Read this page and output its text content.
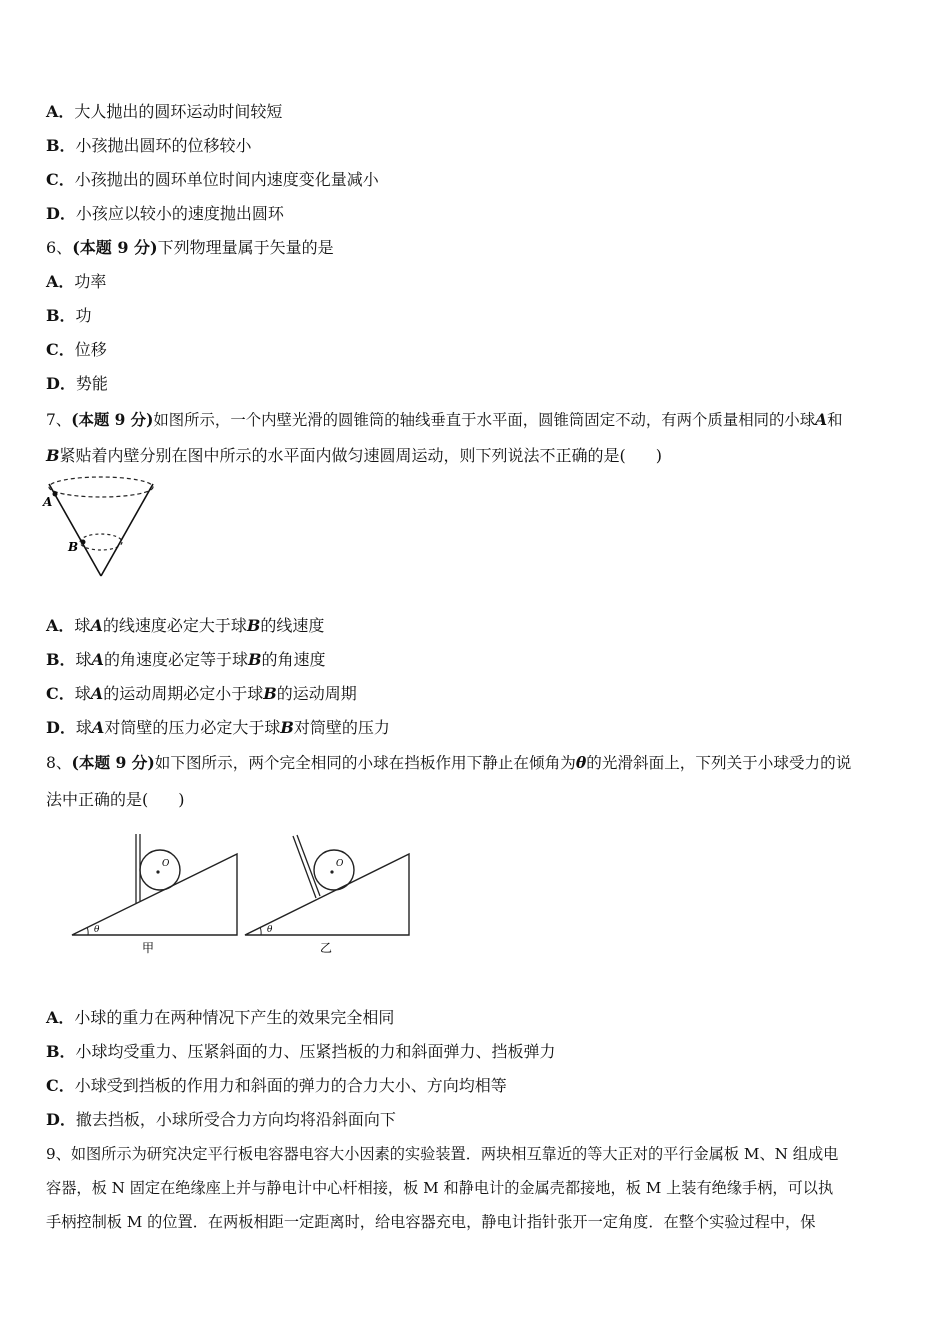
A．大人抛出的圆环运动时间较短
B．小孩抛出圆环的位移较小
C．小孩抛出的圆环单位时间内速度变化量减小
D．小孩应以较小的速度抛出圆环
6、(本题 9 分)下列物理量属于矢量的是
A．功率
B．功
C．位移
D．势能
7、(本题 9 分)如图所示，一个内壁光滑的圆锥筒的轴线垂直于水平面，圆锥筒固定不动，有两个质量相同的小球A和
B紧贴着内壁分别在图中所示的水平面内做匀速圆周运动，则下列说法不正确的是( )
A
B
A．球A的线速度必定大于球B的线速度
B．球A的角速度必定等于球B的角速度
C．球A的运动周期必定小于球B的运动周期
D．球A对筒壁的压力必定大于球B对筒壁的压力
8、(本题 9 分)如下图所示，两个完全相同的小球在挡板作用下静止在倾角为θ的光滑斜面上，下列关于小球受力的说
法中正确的是( )
O
θ
甲
O
θ
乙
A．小球的重力在两种情况下产生的效果完全相同
B．小球均受重力、压紧斜面的力、压紧挡板的力和斜面弹力、挡板弹力
C．小球受到挡板的作用力和斜面的弹力的合力大小、方向均相等
D．撤去挡板，小球所受合力方向均将沿斜面向下
9、如图所示为研究决定平行板电容器电容大小因素的实验装置．两块相互靠近的等大正对的平行金属板 M、N 组成电
容器，板 N 固定在绝缘座上并与静电计中心杆相接，板 M 和静电计的金属壳都接地，板 M 上装有绝缘手柄，可以执
手柄控制板 M 的位置．在两板相距一定距离时，给电容器充电，静电计指针张开一定角度．在整个实验过程中，保
